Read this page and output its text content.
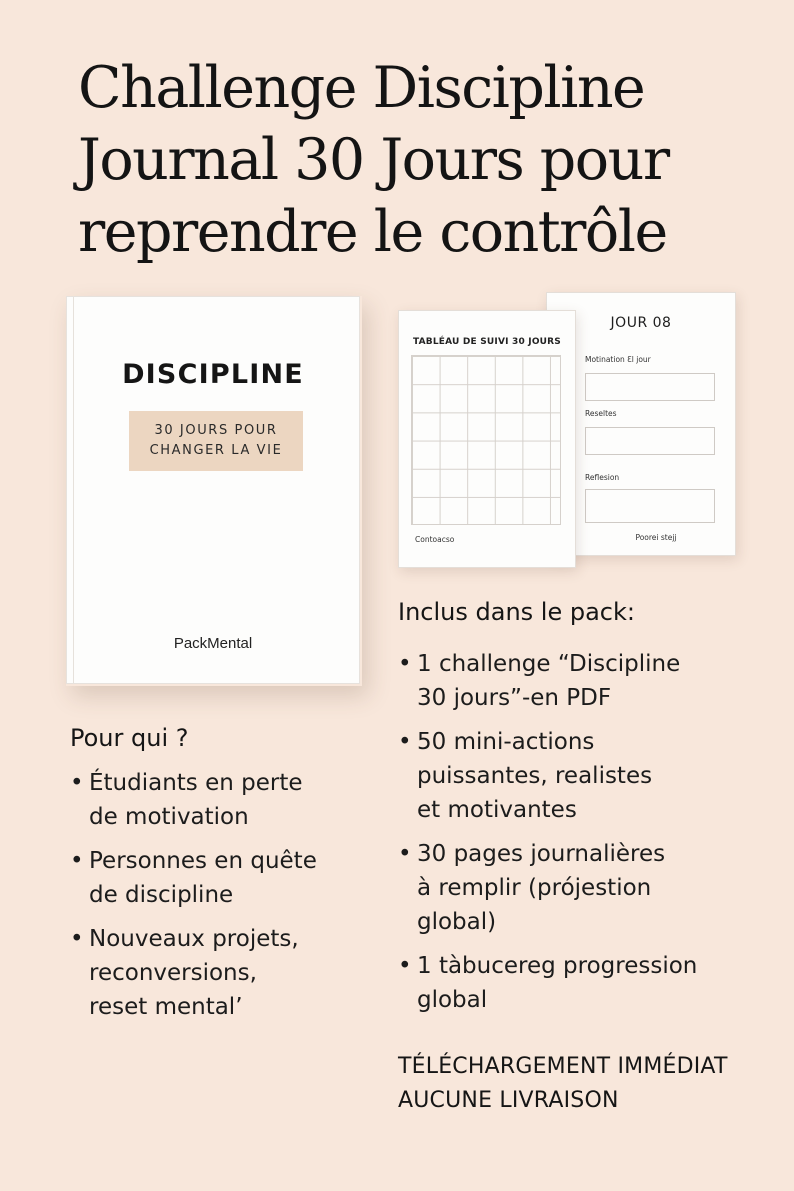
Challenge Discipline
Journal 30 Jours pour
reprendre le contrôle
DISCIPLINE
30 JOURS POUR
CHANGER LA VIE
PackMental
JOUR 08
Motination Ɛl jour
Reseltes
Reflesion
Poorei stejj
TABLÉAU DE SUIVI 30 JOURS
Contoacso
Pour qui ?
• Étudiants en perte
de motivation
• Personnes en quête
de discipline
• Nouveaux projets,
reconversions,
reset mental’
Inclus dans le pack:
• 1 challenge “Discipline
30 jours”-en PDF
• 50 mini-actions
puissantes, realistes
et motivantes
• 30 pages journalières
à remplir (prójestion
global)
• 1 tàbucereg progression
global
TÉLÉCHARGEMENT IMMÉDIAT
AUCUNE LIVRAISON
